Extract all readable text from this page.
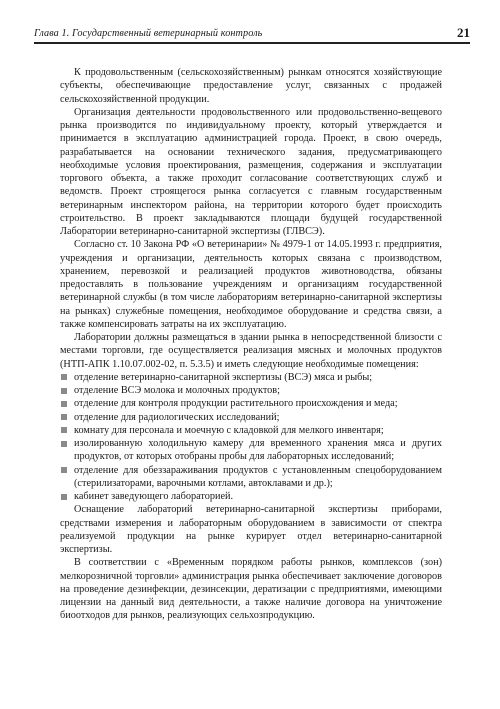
Глава 1. Государственный ветеринарный контроль	21

К продовольственным (сельскохозяйственным) рынкам относятся хозяйствующие субъекты, обеспечивающие предоставление услуг, связанных с продажей сельскохозяйственной продукции.

Организация деятельности продовольственного или продовольственно-вещевого рынка производится по индивидуальному проекту, который утверждается и принимается в эксплуатацию администрацией города. Проект, в свою очередь, разрабатывается на основании технического задания, предусматривающего необходимые условия проектирования, размещения, содержания и эксплуатации торгового объекта, а также проходит согласование соответствующих служб и ведомств. Проект строящегося рынка согласуется с главным государственным ветеринарным инспектором района, на территории которого будет происходить строительство. В проект закладываются площади будущей государственной Лаборатории ветеринарно-санитарной экспертизы (ГЛВСЭ).

Согласно ст. 10 Закона РФ «О ветеринарии» № 4979-1 от 14.05.1993 г. предприятия, учреждения и организации, деятельность которых связана с производством, хранением, перевозкой и реализацией продуктов животноводства, обязаны предоставлять в пользование учреждениям и организациям государственной ветеринарной службы (в том числе лабораториям ветеринарно-санитарной экспертизы на рынках) служебные помещения, необходимое оборудование и средства связи, а также компенсировать затраты на их эксплуатацию.

Лаборатории должны размещаться в здании рынка в непосредственной близости с местами торговли, где осуществляется реализация мясных и молочных продуктов (НТП-АПК 1.10.07.002-02, п. 5.3.5) и иметь следующие необходимые помещения:

отделение ветеринарно-санитарной экспертизы (ВСЭ) мяса и рыбы;
отделение ВСЭ молока и молочных продуктов;
отделение для контроля продукции растительного происхождения и меда;
отделение для радиологических исследований;
комнату для персонала и моечную с кладовкой для мелкого инвентаря;
изолированную холодильную камеру для временного хранения мяса и других продуктов, от которых отобраны пробы для лабораторных исследований;
отделение для обеззараживания продуктов с установленным спецоборудованием (стерилизаторами, варочными котлами, автоклавами и др.);
кабинет заведующего лабораторией.

Оснащение лабораторий ветеринарно-санитарной экспертизы приборами, средствами измерения и лабораторным оборудованием в зависимости от спектра реализуемой продукции на рынке курирует отдел ветеринарно-санитарной экспертизы.

В соответствии с «Временным порядком работы рынков, комплексов (зон) мелкорозничной торговли» администрация рынка обеспечивает заключение договоров на проведение дезинфекции, дезинсекции, дератизации с предприятиями, имеющими лицензии на данный вид деятельности, а также наличие договора на уничтожение биоотходов для рынков, реализующих сельхозпродукцию.
